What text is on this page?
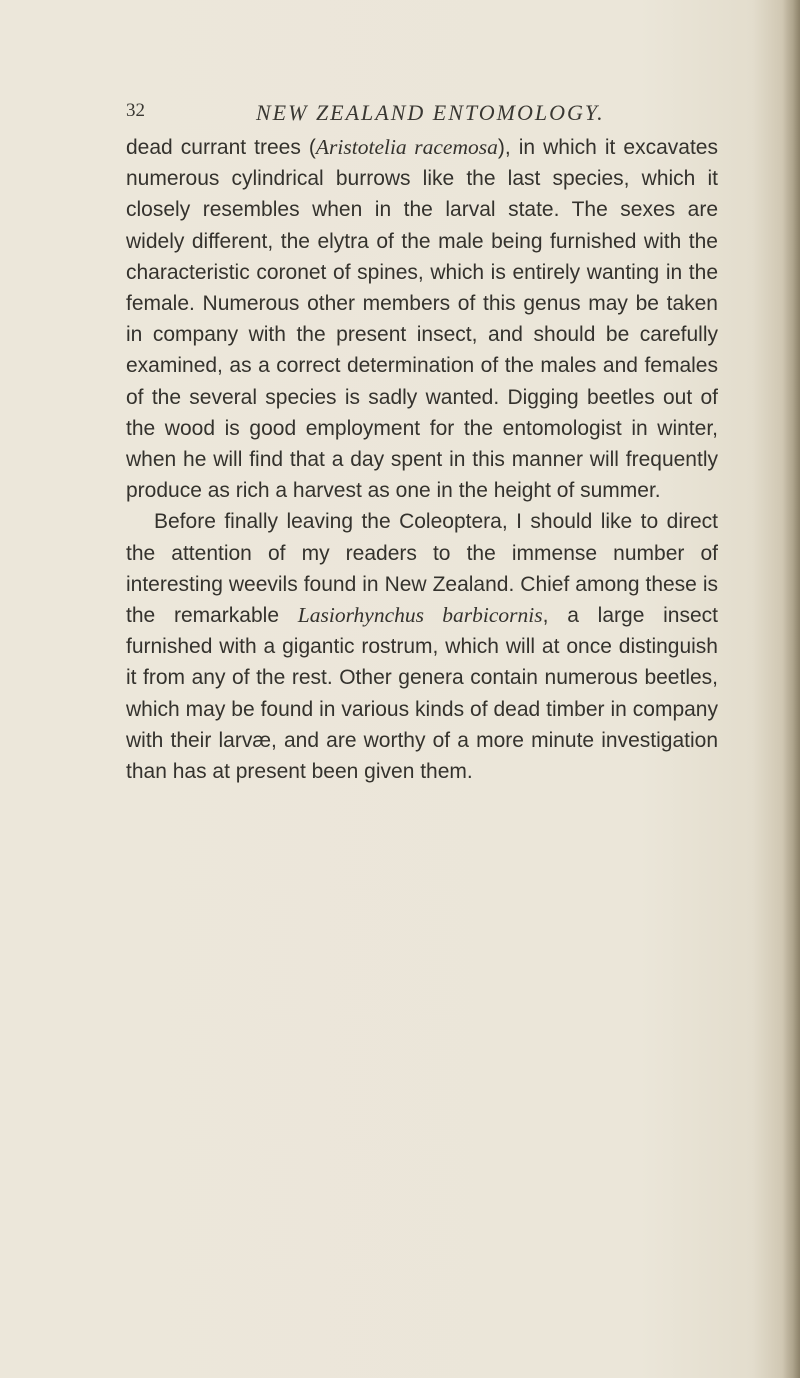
32	NEW ZEALAND ENTOMOLOGY.

dead currant trees (Aristotelia racemosa), in which it excavates numerous cylindrical burrows like the last species, which it closely resembles when in the larval state. The sexes are widely different, the elytra of the male being furnished with the characteristic coronet of spines, which is entirely wanting in the female. Numerous other members of this genus may be taken in company with the present insect, and should be carefully examined, as a correct determination of the males and females of the several species is sadly wanted. Digging beetles out of the wood is good employment for the entomologist in winter, when he will find that a day spent in this manner will frequently produce as rich a harvest as one in the height of summer.

Before finally leaving the Coleoptera, I should like to direct the attention of my readers to the immense number of interesting weevils found in New Zealand. Chief among these is the remarkable Lasiorhynchus barbicornis, a large insect furnished with a gigantic rostrum, which will at once distinguish it from any of the rest. Other genera contain numerous beetles, which may be found in various kinds of dead timber in company with their larvæ, and are worthy of a more minute investigation than has at present been given them.
